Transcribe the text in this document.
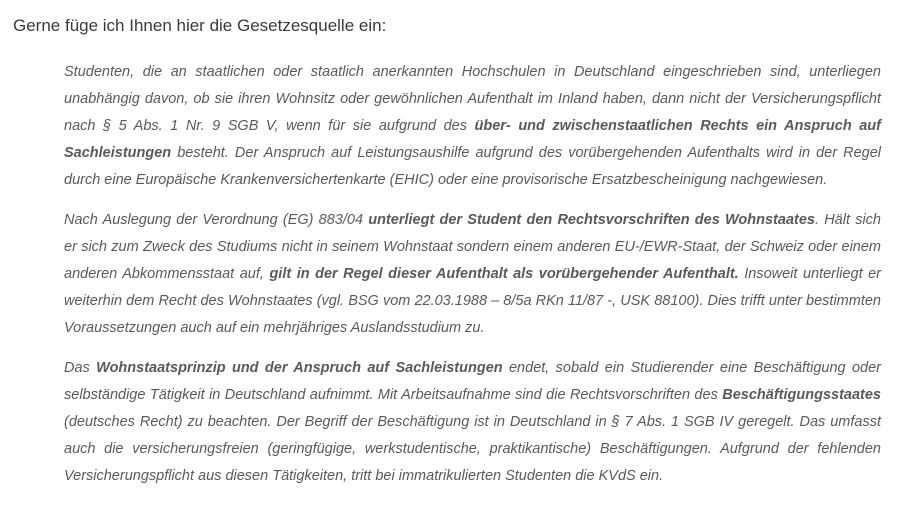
Gerne füge ich Ihnen hier die Gesetzesquelle ein:

Studenten, die an staatlichen oder staatlich anerkannten Hochschulen in Deutschland eingeschrieben sind, unterliegen unabhängig davon, ob sie ihren Wohnsitz oder gewöhnlichen Aufenthalt im Inland haben, dann nicht der Versicherungspflicht nach § 5 Abs. 1 Nr. 9 SGB V, wenn für sie aufgrund des über- und zwischenstaatlichen Rechts ein Anspruch auf Sachleistungen besteht. Der Anspruch auf Leistungsaushilfe aufgrund des vorübergehenden Aufenthalts wird in der Regel durch eine Europäische Krankenversichertenkarte (EHIC) oder eine provisorische Ersatzbescheinigung nachgewiesen.

Nach Auslegung der Verordnung (EG) 883/04 unterliegt der Student den Rechtsvorschriften des Wohnstaates. Hält sich er sich zum Zweck des Studiums nicht in seinem Wohnstaat sondern einem anderen EU-/EWR-Staat, der Schweiz oder einem anderen Abkommensstaat auf, gilt in der Regel dieser Aufenthalt als vorübergehender Aufenthalt. Insoweit unterliegt er weiterhin dem Recht des Wohnstaates (vgl. BSG vom 22.03.1988 – 8/5a RKn 11/87 -, USK 88100). Dies trifft unter bestimmten Voraussetzungen auch auf ein mehrjähriges Auslandsstudium zu.

Das Wohnstaatsprinzip und der Anspruch auf Sachleistungen endet, sobald ein Studierender eine Beschäftigung oder selbständige Tätigkeit in Deutschland aufnimmt. Mit Arbeitsaufnahme sind die Rechtsvorschriften des Beschäftigungsstaates (deutsches Recht) zu beachten. Der Begriff der Beschäftigung ist in Deutschland in § 7 Abs. 1 SGB IV geregelt. Das umfasst auch die versicherungsfreien (geringfügige, werkstudentische, praktikantische) Beschäftigungen. Aufgrund der fehlenden Versicherungspflicht aus diesen Tätigkeiten, tritt bei immatrikulierten Studenten die KVdS ein.
